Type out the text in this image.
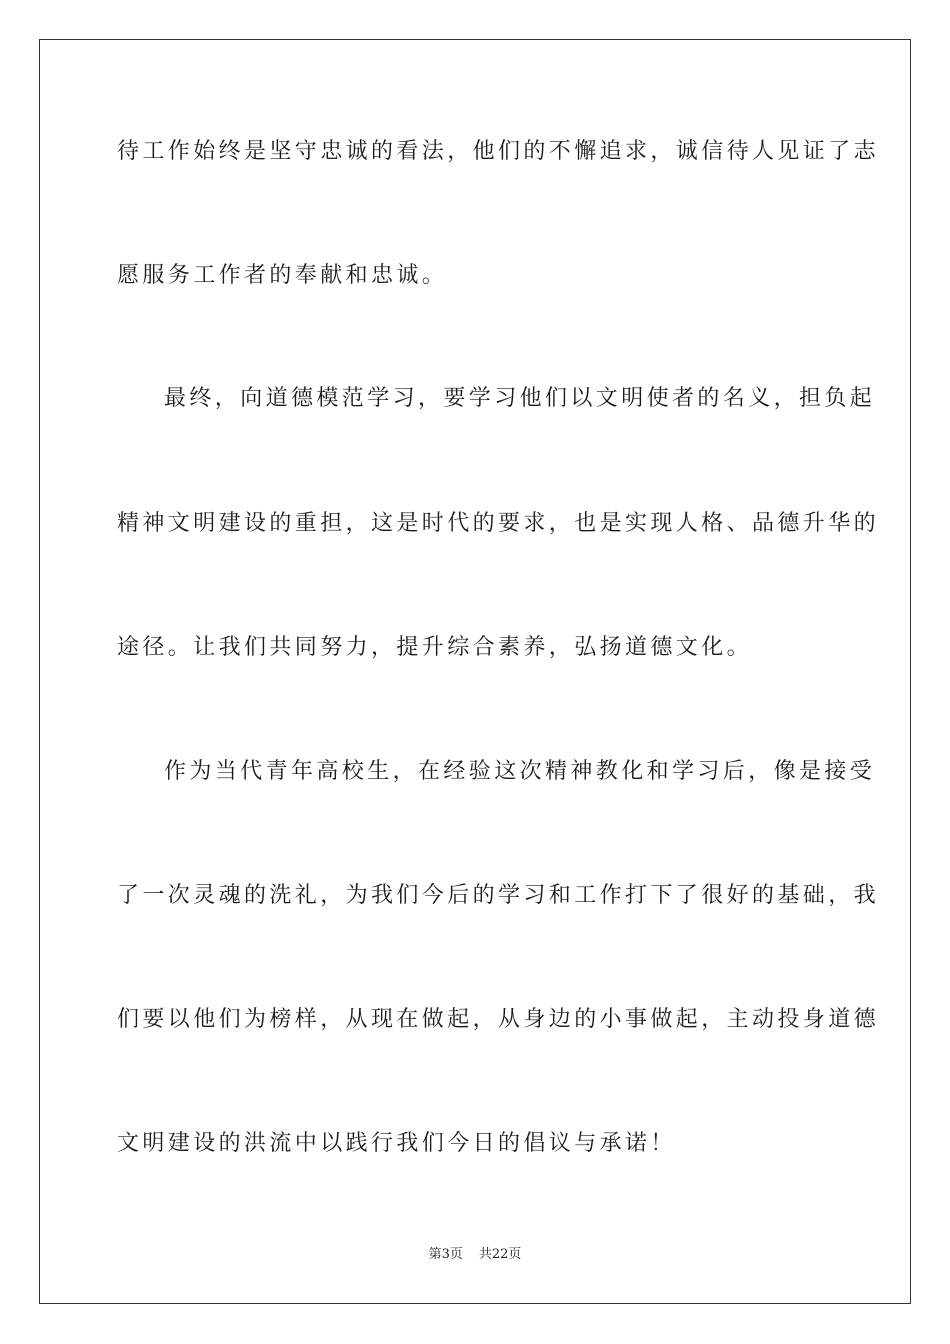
待工作始终是坚守忠诚的看法，他们的不懈追求，诚信待人见证了志
愿服务工作者的奉献和忠诚。
最终，向道德模范学习，要学习他们以文明使者的名义，担负起
精神文明建设的重担，这是时代的要求，也是实现人格、品德升华的
途径。让我们共同努力，提升综合素养，弘扬道德文化。
作为当代青年高校生，在经验这次精神教化和学习后，像是接受
了一次灵魂的洗礼，为我们今后的学习和工作打下了很好的基础，我
们要以他们为榜样，从现在做起，从身边的小事做起，主动投身道德
文明建设的洪流中以践行我们今日的倡议与承诺！
第3页 共22页
